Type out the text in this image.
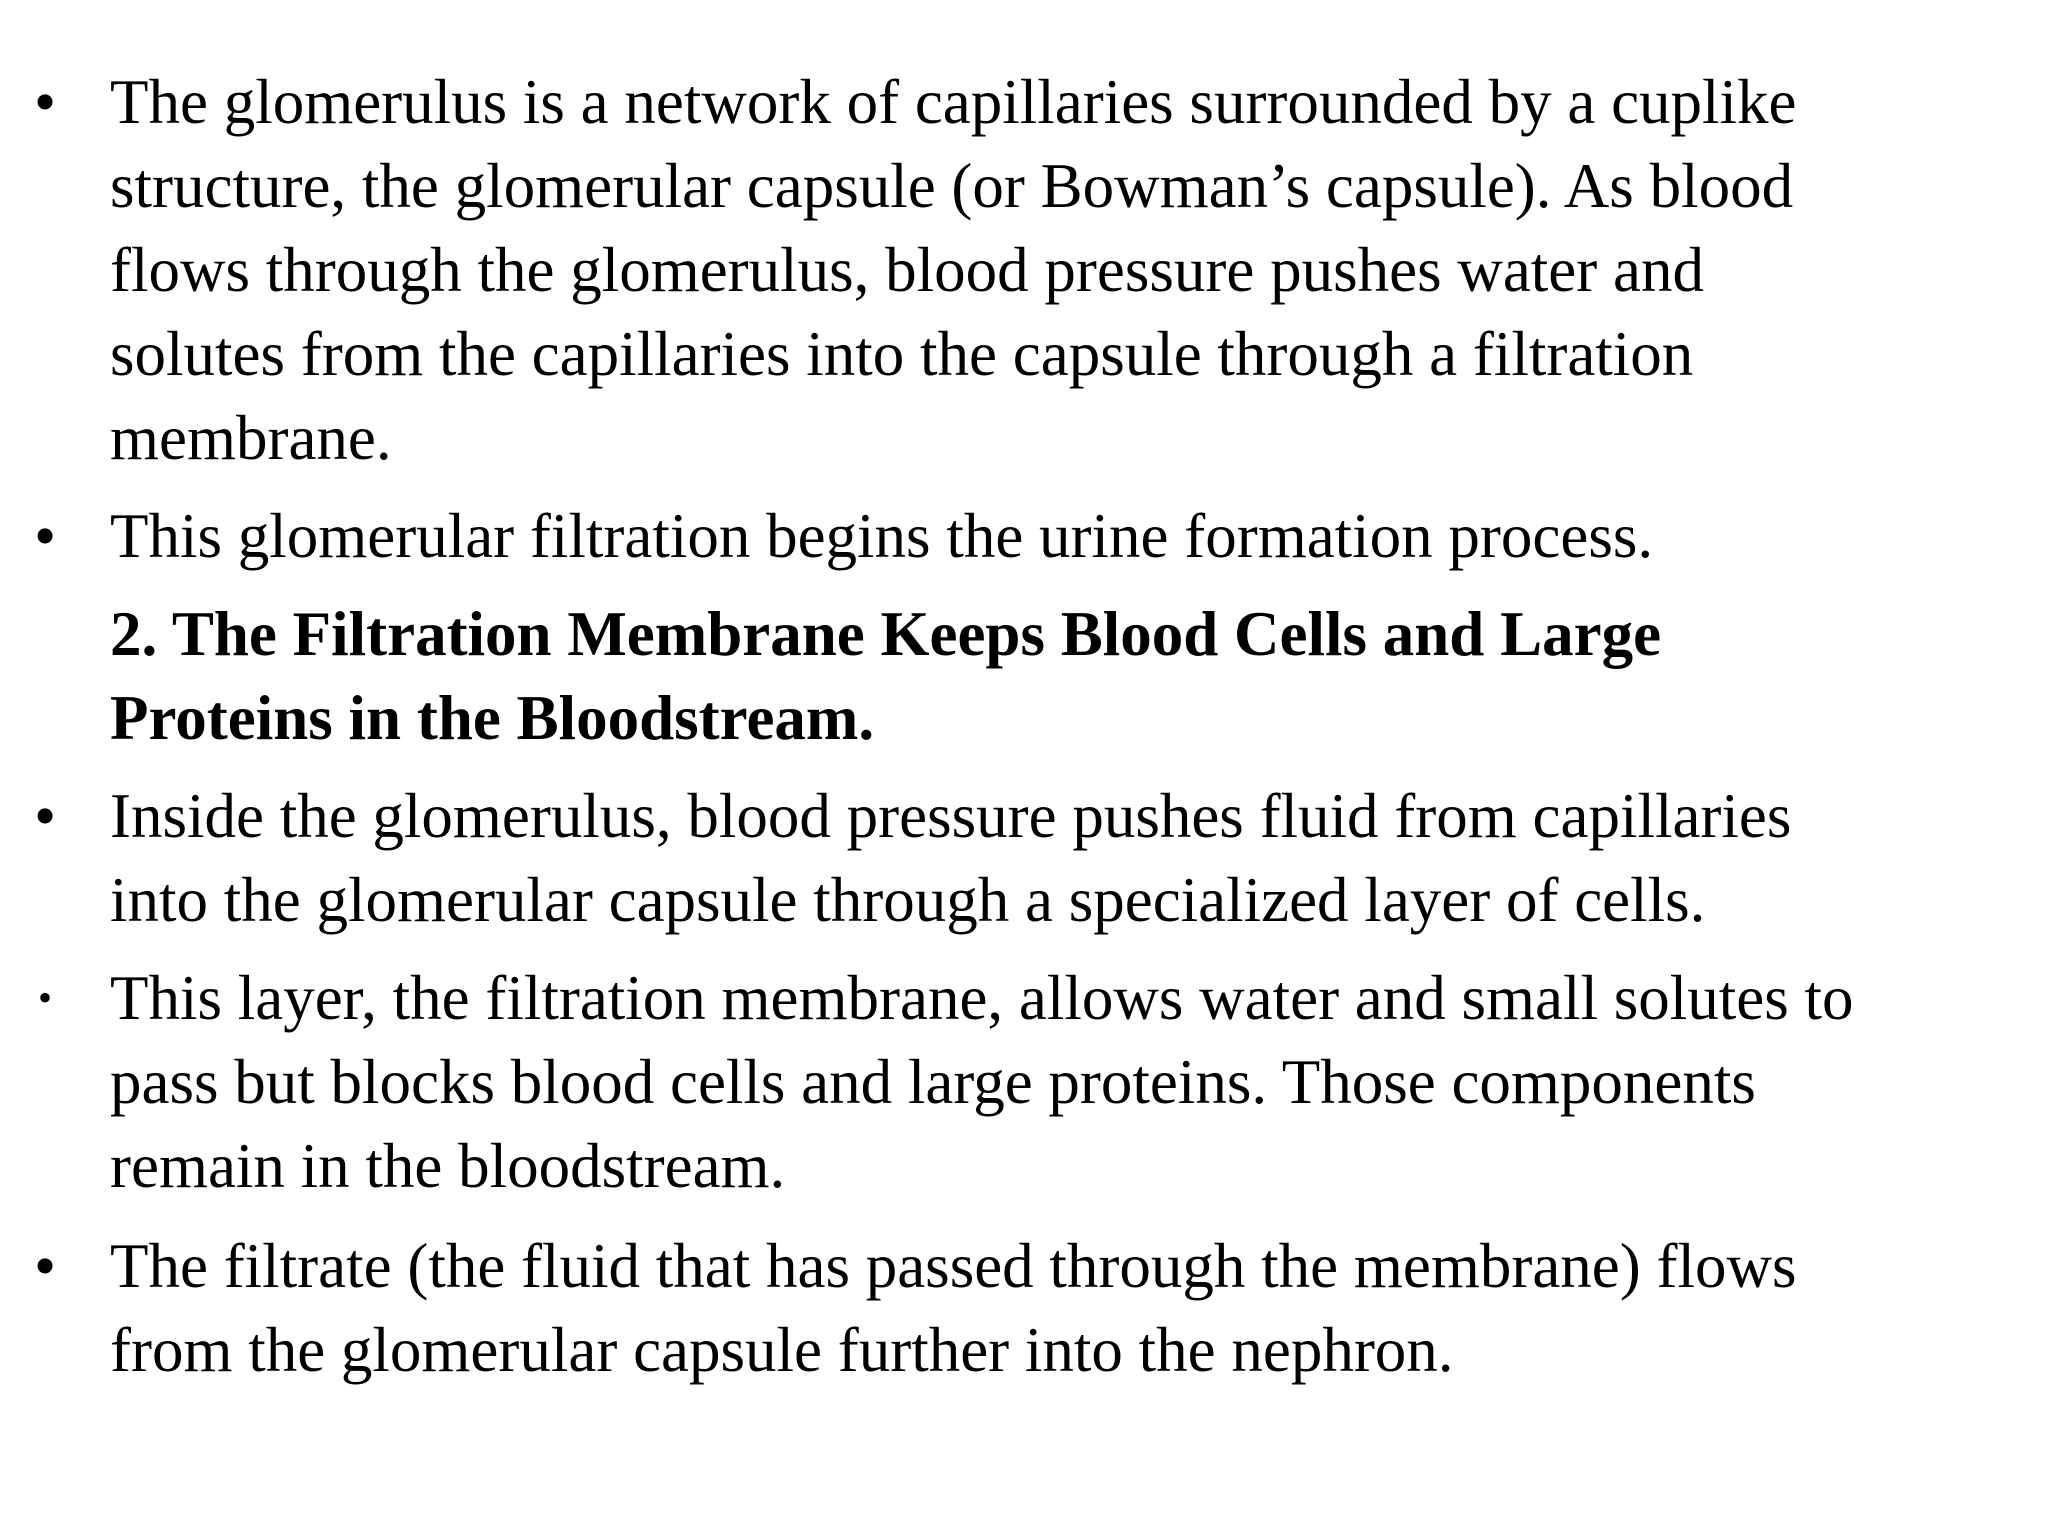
• The glomerulus is a network of capillaries surrounded by a cuplike
structure, the glomerular capsule (or Bowman’s capsule). As blood
flows through the glomerulus, blood pressure pushes water and
solutes from the capillaries into the capsule through a filtration
membrane.
• This glomerular filtration begins the urine formation process.
2. The Filtration Membrane Keeps Blood Cells and Large
Proteins in the Bloodstream.
• Inside the glomerulus, blood pressure pushes fluid from capillaries
into the glomerular capsule through a specialized layer of cells.
• This layer, the filtration membrane, allows water and small solutes to
pass but blocks blood cells and large proteins. Those components
remain in the bloodstream.
• The filtrate (the fluid that has passed through the membrane) flows
from the glomerular capsule further into the nephron.
